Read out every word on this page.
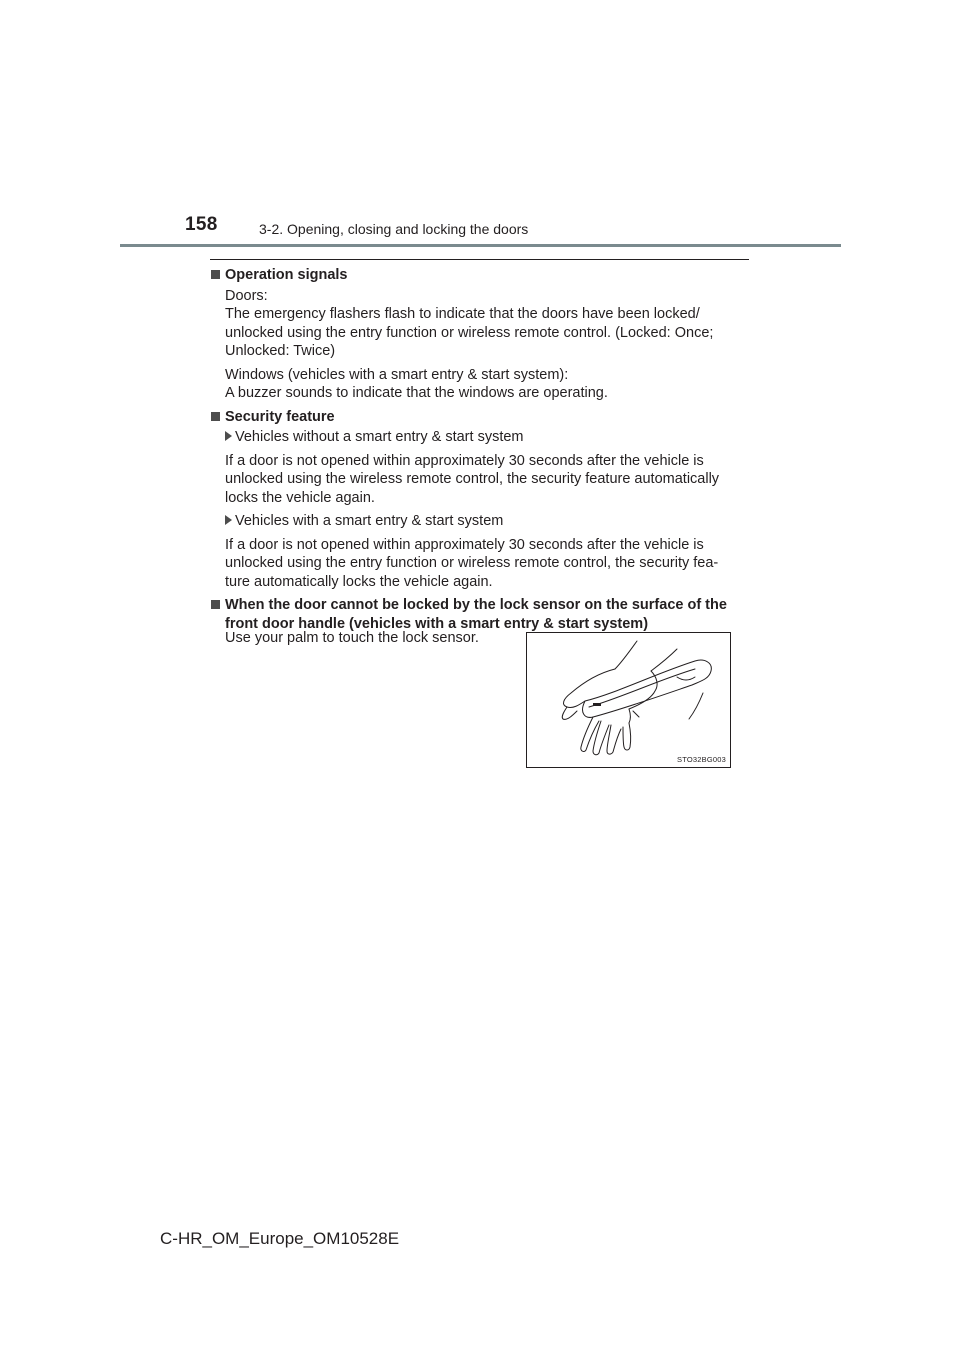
158	3-2. Opening, closing and locking the doors
Operation signals
Doors:
The emergency flashers flash to indicate that the doors have been locked/
unlocked using the entry function or wireless remote control. (Locked: Once;
Unlocked: Twice)
Windows (vehicles with a smart entry & start system):
A buzzer sounds to indicate that the windows are operating.
Security feature
Vehicles without a smart entry & start system
If a door is not opened within approximately 30 seconds after the vehicle is
unlocked using the wireless remote control, the security feature automatically
locks the vehicle again.
Vehicles with a smart entry & start system
If a door is not opened within approximately 30 seconds after the vehicle is
unlocked using the entry function or wireless remote control, the security fea-
ture automatically locks the vehicle again.
When the door cannot be locked by the lock sensor on the surface of the
front door handle (vehicles with a smart entry & start system)
Use your palm to touch the lock sensor.
STO32BG003
C-HR_OM_Europe_OM10528E
